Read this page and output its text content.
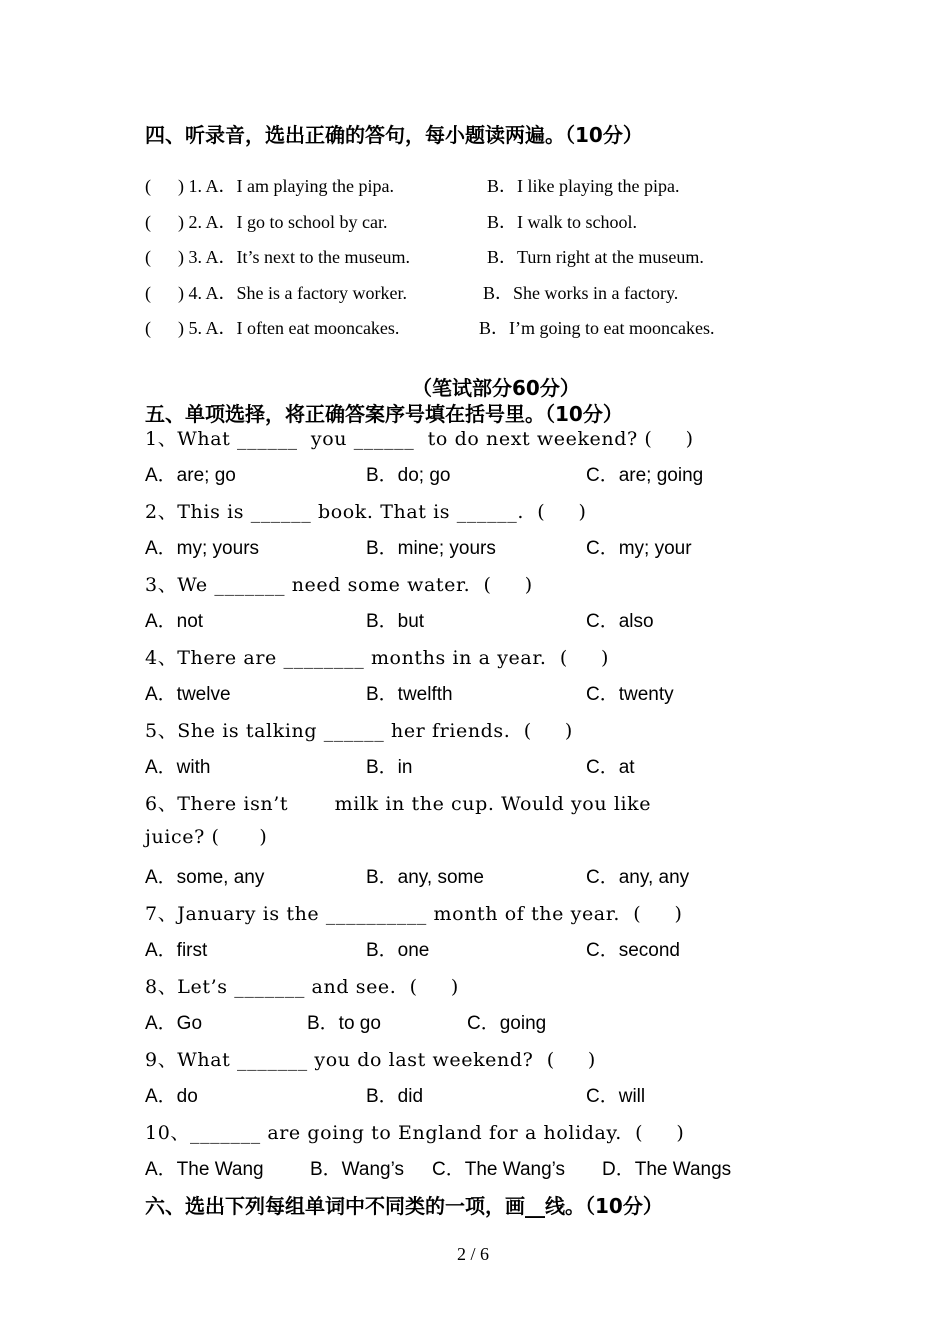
四、听录音，选出正确的答句，每小题读两遍。（10分）
(      ) 1. A．I am playing the pipa.	B．I like playing the pipa.
(      ) 2. A．I go to school by car.	B．I walk to school.
(      ) 3. A．It’s next to the museum.	B．Turn right at the museum.
(      ) 4. A．She is a factory worker.	B．She works in a factory.
(      ) 5. A．I often eat mooncakes.	B．I’m going to eat mooncakes.
（笔试部分60分）
五、单项选择，将正确答案序号填在括号里。（10分）
1、What ______  you ______  to do next weekend? (     )
A．are; go	B．do; go	C．are; going
2、This is ______ book. That is ______.  (     )
A．my; yours	B．mine; yours	C．my; your
3、We _______ need some water.  (     )
A．not	B．but	C．also
4、There are ________ months in a year.  (     )
A．twelve	B．twelfth	C．twenty
5、She is talking ______ her friends.  (     )
A．with	B．in	C．at
6、There isn’t       milk in the cup. Would you like
juice? (      )
A．some, any	B．any, some	C．any, any
7、January is the __________ month of the year.  (     )
A．first	B．one	C．second
8、Let’s _______ and see.  (     )
A．Go	B．to go	C．going
9、What _______ you do last weekend?  (     )
A．do	B．did	C．will
10、_______ are going to England for a holiday.  (     )
A．The Wang B．Wang’s C．The Wang’s D．The Wangs
六、选出下列每组单词中不同类的一项，画__线。（10分）
2 / 6
